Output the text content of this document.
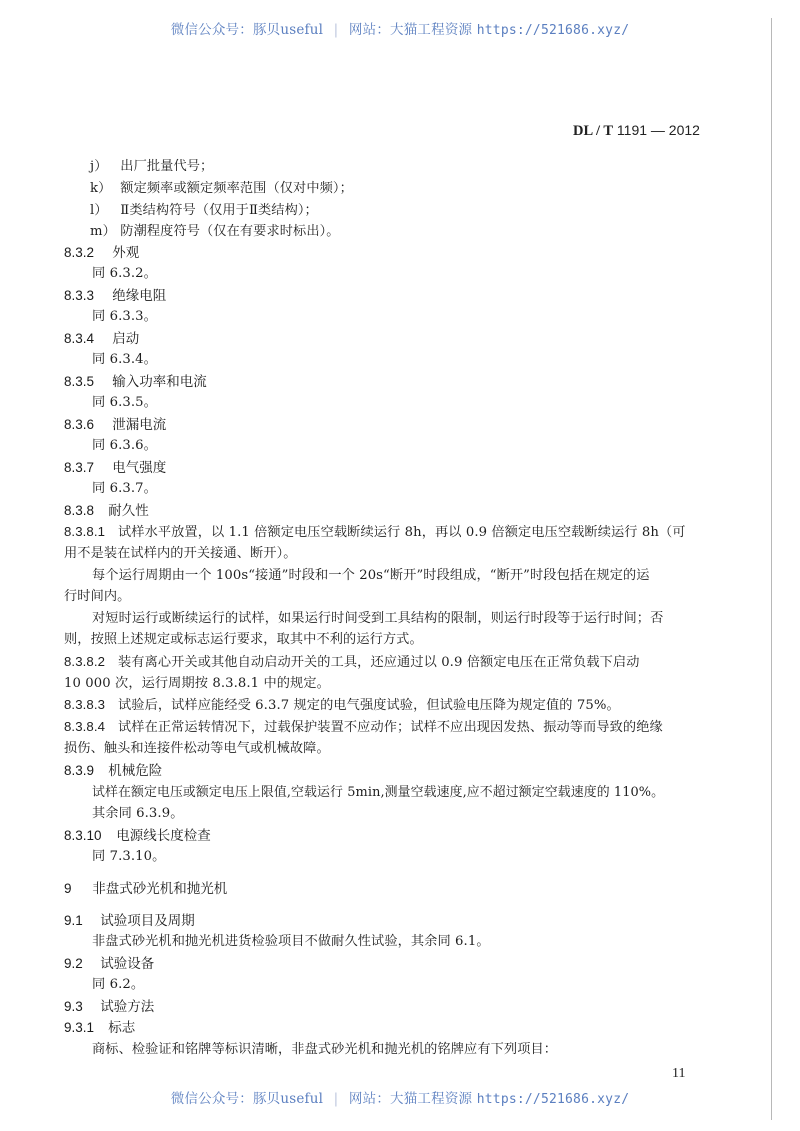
微信公众号：豚贝useful | 网站：大猫工程资源 https://521686.xyz/
DL / T 1191 — 2012
j） 出厂批量代号；
k） 额定频率或额定频率范围（仅对中频）；
l） Ⅱ类结构符号（仅用于Ⅱ类结构）；
m） 防潮程度符号（仅在有要求时标出）。
8.3.2 外观
同 6.3.2。
8.3.3 绝缘电阻
同 6.3.3。
8.3.4 启动
同 6.3.4。
8.3.5 输入功率和电流
同 6.3.5。
8.3.6 泄漏电流
同 6.3.6。
8.3.7 电气强度
同 6.3.7。
8.3.8 耐久性
8.3.8.1 试样水平放置，以 1.1 倍额定电压空载断续运行 8h，再以 0.9 倍额定电压空载断续运行 8h（可
用不是装在试样内的开关接通、断开）。
每个运行周期由一个 100s“接通”时段和一个 20s“断开”时段组成，“断开”时段包括在规定的运
行时间内。
对短时运行或断续运行的试样，如果运行时间受到工具结构的限制，则运行时段等于运行时间；否
则，按照上述规定或标志运行要求，取其中不利的运行方式。
8.3.8.2 装有离心开关或其他自动启动开关的工具，还应通过以 0.9 倍额定电压在正常负载下启动
10 000 次，运行周期按 8.3.8.1 中的规定。
8.3.8.3 试验后，试样应能经受 6.3.7 规定的电气强度试验，但试验电压降为规定值的 75%。
8.3.8.4 试样在正常运转情况下，过载保护装置不应动作；试样不应出现因发热、振动等而导致的绝缘
损伤、触头和连接件松动等电气或机械故障。
8.3.9 机械危险
试样在额定电压或额定电压上限值,空载运行 5min,测量空载速度,应不超过额定空载速度的 110%。
其余同 6.3.9。
8.3.10 电源线长度检查
同 7.3.10。
9 非盘式砂光机和抛光机
9.1 试验项目及周期
非盘式砂光机和抛光机进货检验项目不做耐久性试验，其余同 6.1。
9.2 试验设备
同 6.2。
9.3 试验方法
9.3.1 标志
商标、检验证和铭牌等标识清晰，非盘式砂光机和抛光机的铭牌应有下列项目：
11
微信公众号：豚贝useful | 网站：大猫工程资源 https://521686.xyz/
